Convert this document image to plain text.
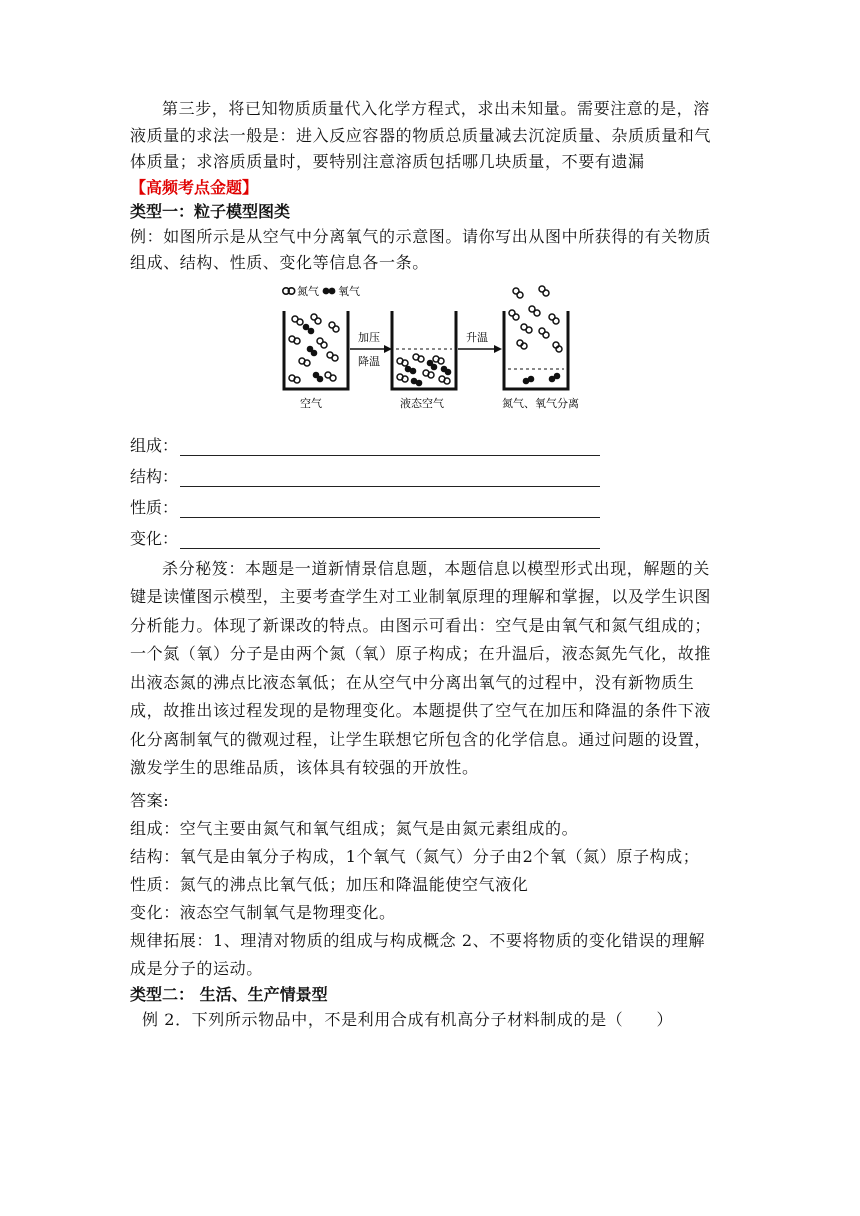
第三步，将已知物质质量代入化学方程式，求出未知量。需要注意的是，溶液质量的求法一般是：进入反应容器的物质总质量减去沉淀质量、杂质质量和气体质量；求溶质质量时，要特别注意溶质包括哪几块质量，不要有遗漏

【高频考点金题】
类型一：粒子模型图类

例：如图所示是从空气中分离氧气的示意图。请你写出从图中所获得的有关物质组成、结构、性质、变化等信息各一条。

氮气 氧气
空气
加压
降温
液态空气
升温
氮气、氧气分离
组成：
结构：
性质：
变化：

杀分秘笈：本题是一道新情景信息题，本题信息以模型形式出现，解题的关键是读懂图示模型，主要考查学生对工业制氧原理的理解和掌握，以及学生识图分析能力。体现了新课改的特点。由图示可看出：空气是由氧气和氮气组成的；一个氮（氧）分子是由两个氮（氧）原子构成；在升温后，液态氮先气化，故推出液态氮的沸点比液态氧低；在从空气中分离出氧气的过程中，没有新物质生成，故推出该过程发现的是物理变化。本题提供了空气在加压和降温的条件下液化分离制氧气的微观过程，让学生联想它所包含的化学信息。通过问题的设置，激发学生的思维品质，该体具有较强的开放性。

答案:

组成：空气主要由氮气和氧气组成；氮气是由氮元素组成的。

结构：氧气是由氧分子构成，1个氧气（氮气）分子由2个氧（氮）原子构成；

性质：氮气的沸点比氧气低；加压和降温能使空气液化

变化：液态空气制氧气是物理变化。

规律拓展：1、理清对物质的组成与构成概念 2、不要将物质的变化错误的理解成是分子的运动。

类型二： 生活、生产情景型

例 2．下列所示物品中，不是利用合成有机高分子材料制成的是（　　）
